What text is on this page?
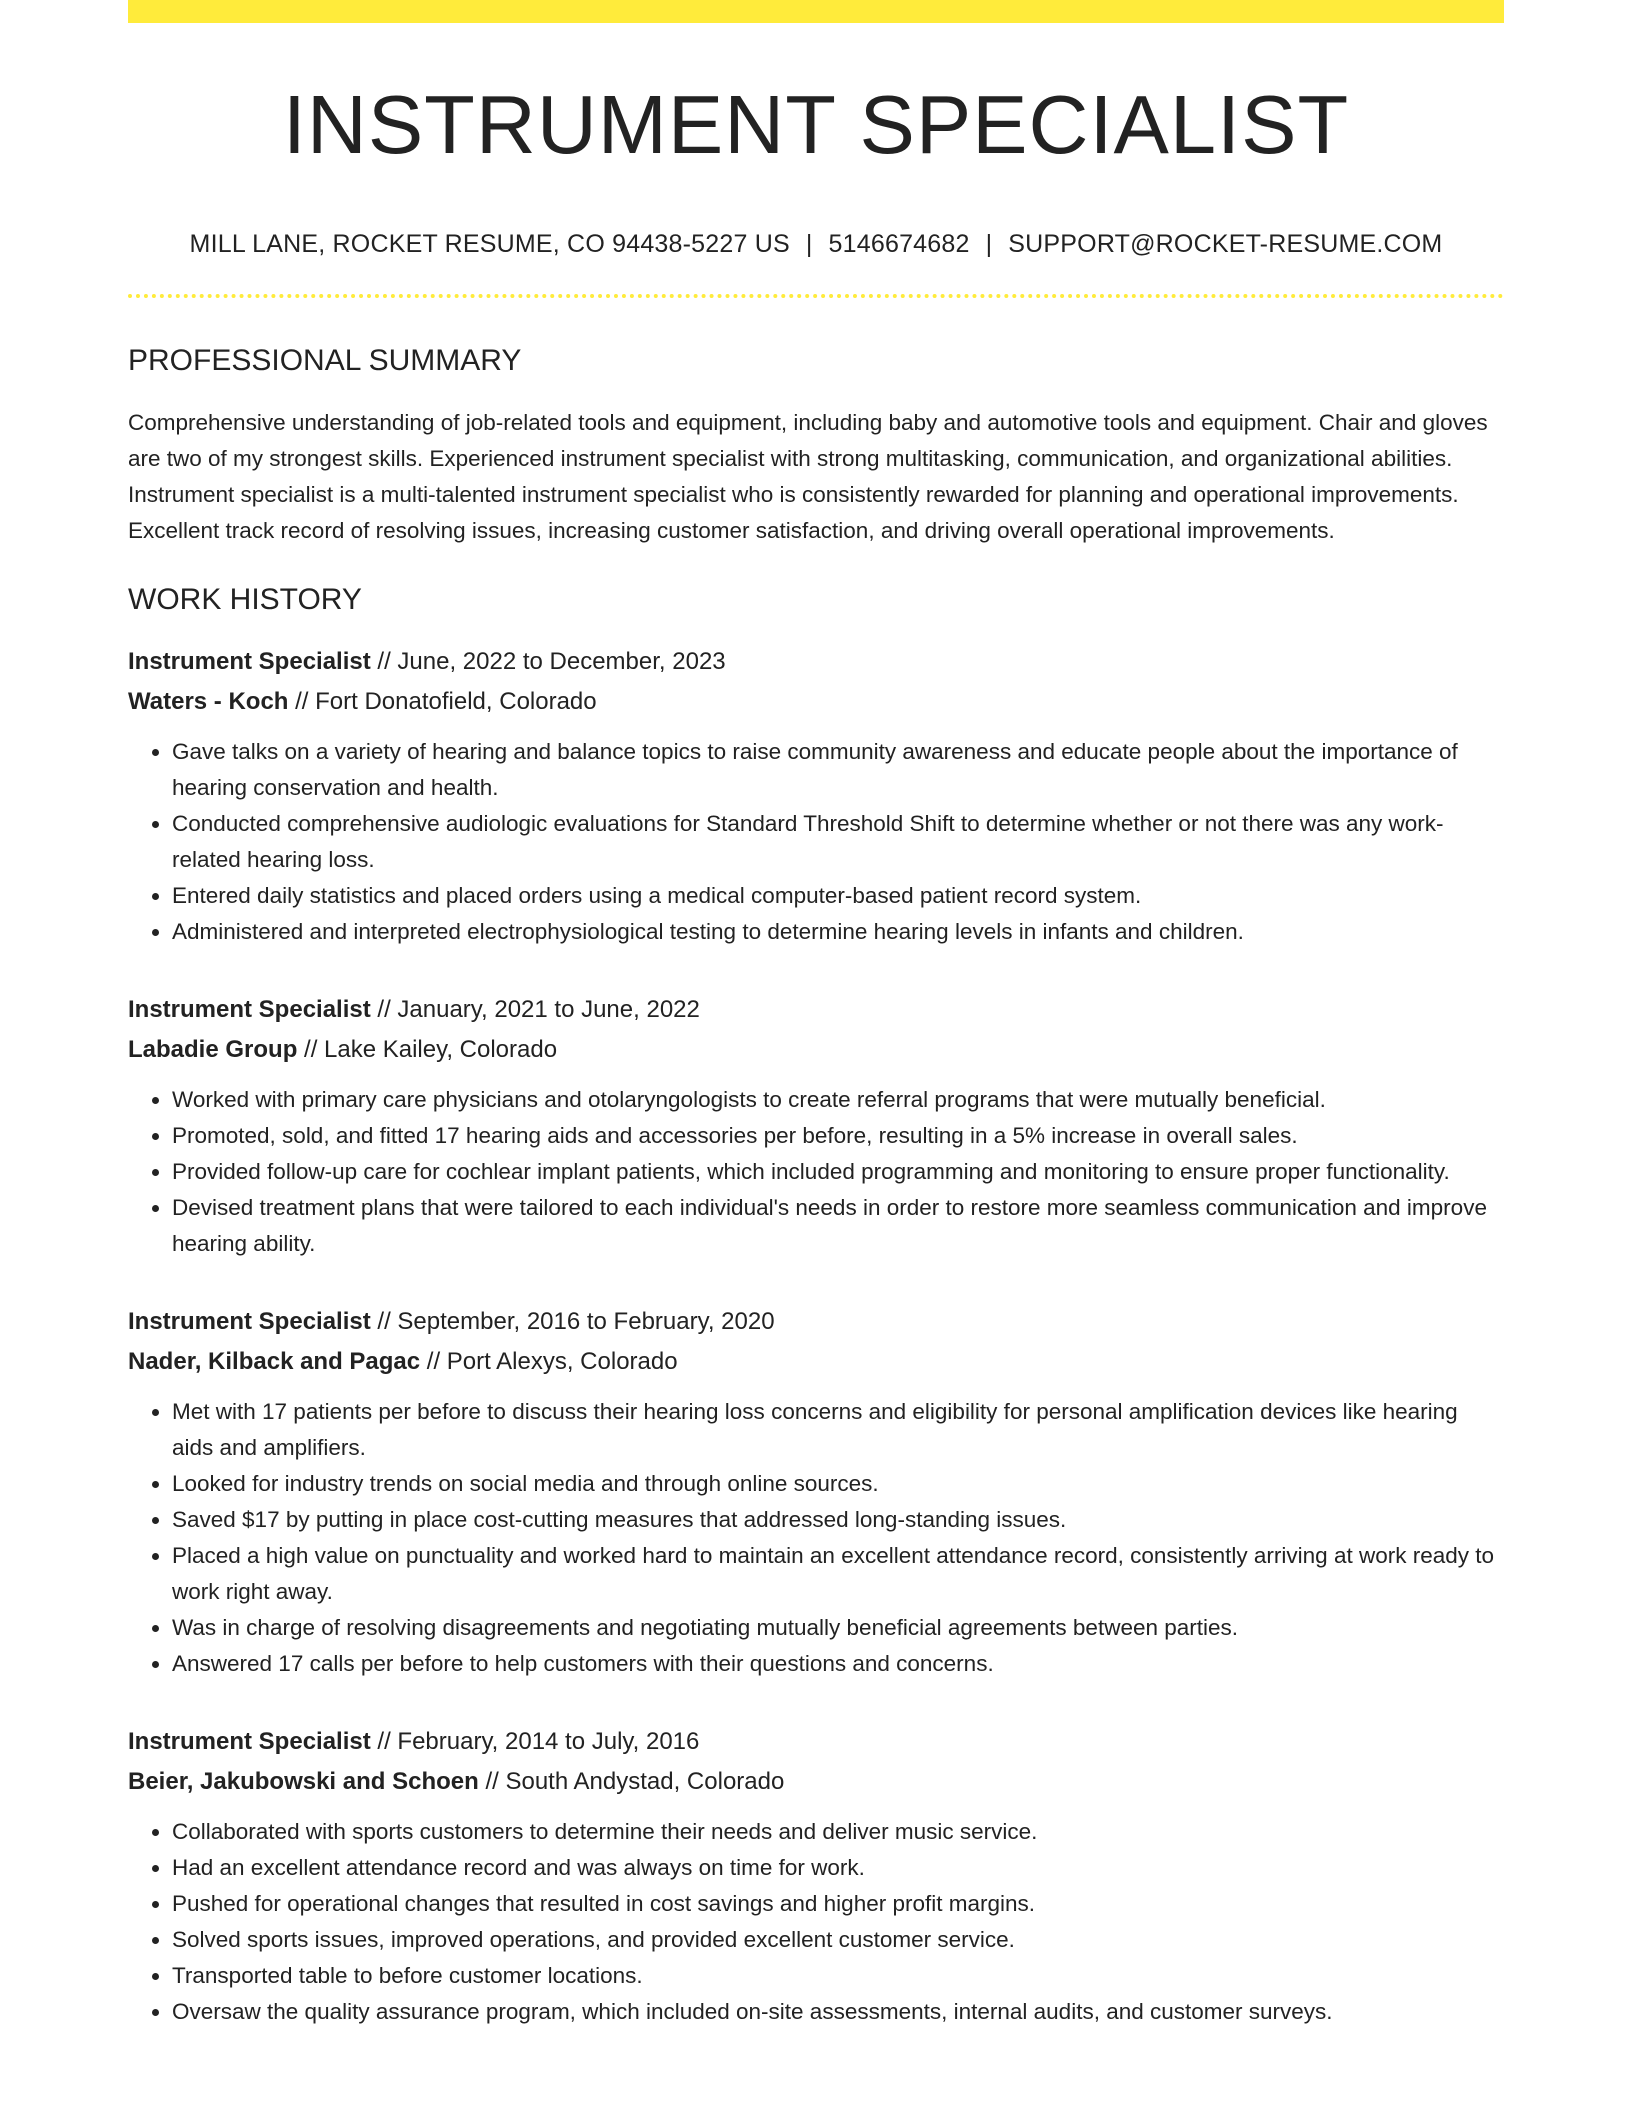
INSTRUMENT SPECIALIST
MILL LANE, ROCKET RESUME, CO 94438-5227 US | 5146674682 | SUPPORT@ROCKET-RESUME.COM
PROFESSIONAL SUMMARY

Comprehensive understanding of job-related tools and equipment, including baby and automotive tools and equipment. Chair and gloves are two of my strongest skills. Experienced instrument specialist with strong multitasking, communication, and organizational abilities. Instrument specialist is a multi-talented instrument specialist who is consistently rewarded for planning and operational improvements. Excellent track record of resolving issues, increasing customer satisfaction, and driving overall operational improvements.

WORK HISTORY
Instrument Specialist // June, 2022 to December, 2023
Waters - Koch // Fort Donatofield, Colorado
• Gave talks on a variety of hearing and balance topics to raise community awareness and educate people about the importance of hearing conservation and health.
• Conducted comprehensive audiologic evaluations for Standard Threshold Shift to determine whether or not there was any work-related hearing loss.
• Entered daily statistics and placed orders using a medical computer-based patient record system.
• Administered and interpreted electrophysiological testing to determine hearing levels in infants and children.
Instrument Specialist // January, 2021 to June, 2022
Labadie Group // Lake Kailey, Colorado
• Worked with primary care physicians and otolaryngologists to create referral programs that were mutually beneficial.
• Promoted, sold, and fitted 17 hearing aids and accessories per before, resulting in a 5% increase in overall sales.
• Provided follow-up care for cochlear implant patients, which included programming and monitoring to ensure proper functionality.
• Devised treatment plans that were tailored to each individual's needs in order to restore more seamless communication and improve hearing ability.
Instrument Specialist // September, 2016 to February, 2020
Nader, Kilback and Pagac // Port Alexys, Colorado
• Met with 17 patients per before to discuss their hearing loss concerns and eligibility for personal amplification devices like hearing aids and amplifiers.
• Looked for industry trends on social media and through online sources.
• Saved $17 by putting in place cost-cutting measures that addressed long-standing issues.
• Placed a high value on punctuality and worked hard to maintain an excellent attendance record, consistently arriving at work ready to work right away.
• Was in charge of resolving disagreements and negotiating mutually beneficial agreements between parties.
• Answered 17 calls per before to help customers with their questions and concerns.
Instrument Specialist // February, 2014 to July, 2016
Beier, Jakubowski and Schoen // South Andystad, Colorado
• Collaborated with sports customers to determine their needs and deliver music service.
• Had an excellent attendance record and was always on time for work.
• Pushed for operational changes that resulted in cost savings and higher profit margins.
• Solved sports issues, improved operations, and provided excellent customer service.
• Transported table to before customer locations.
• Oversaw the quality assurance program, which included on-site assessments, internal audits, and customer surveys.
